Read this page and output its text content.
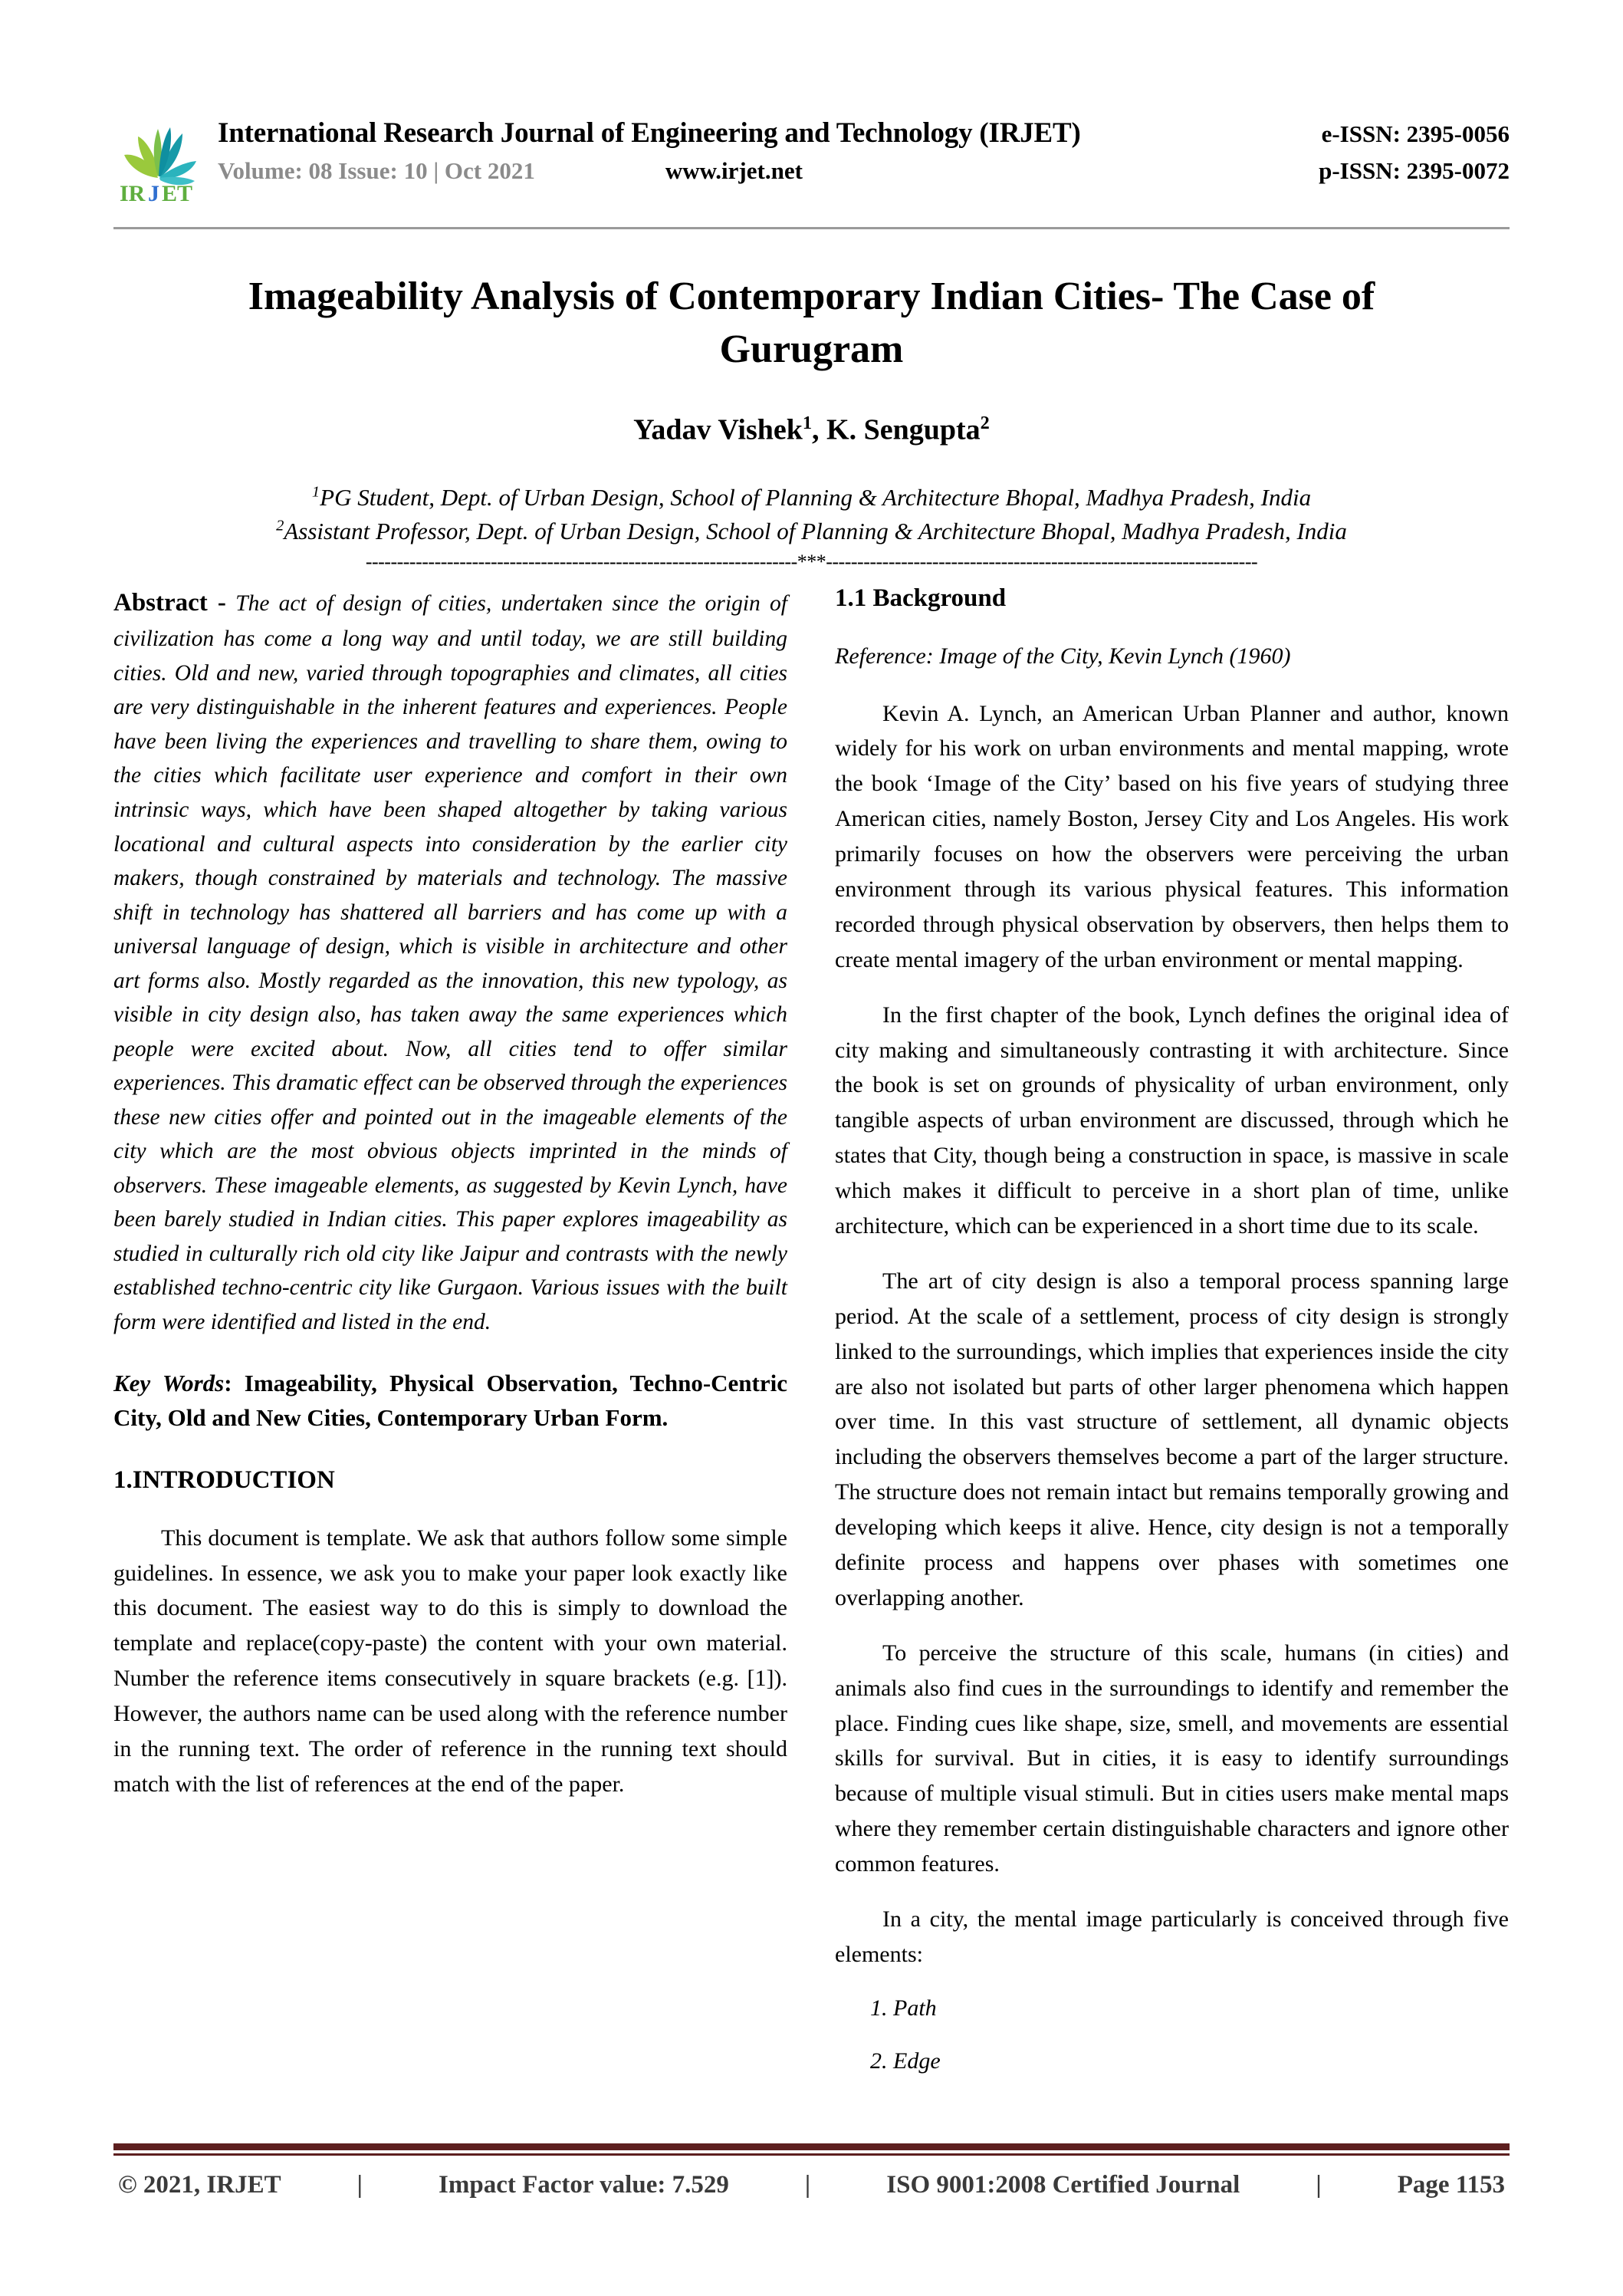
IR J ET
International Research Journal of Engineering and Technology (IRJET)	e-ISSN: 2395-0056
Volume: 08 Issue: 10 | Oct 2021	www.irjet.net	p-ISSN: 2395-0072
Imageability Analysis of Contemporary Indian Cities- The Case of Gurugram
Yadav Vishek$^1$, K. Sengupta$^2$
$^1$PG Student, Dept. of Urban Design, School of Planning & Architecture Bhopal, Madhya Pradesh, India
$^2$Assistant Professor, Dept. of Urban Design, School of Planning & Architecture Bhopal, Madhya Pradesh, India
---------------------------------------------------------------------***---------------------------------------------------------------------

Abstract - The act of design of cities, undertaken since the origin of civilization has come a long way and until today, we are still building cities. Old and new, varied through topographies and climates, all cities are very distinguishable in the inherent features and experiences. People have been living the experiences and travelling to share them, owing to the cities which facilitate user experience and comfort in their own intrinsic ways, which have been shaped altogether by taking various locational and cultural aspects into consideration by the earlier city makers, though constrained by materials and technology. The massive shift in technology has shattered all barriers and has come up with a universal language of design, which is visible in architecture and other art forms also. Mostly regarded as the innovation, this new typology, as visible in city design also, has taken away the same experiences which people were excited about. Now, all cities tend to offer similar experiences. This dramatic effect can be observed through the experiences these new cities offer and pointed out in the imageable elements of the city which are the most obvious objects imprinted in the minds of observers. These imageable elements, as suggested by Kevin Lynch, have been barely studied in Indian cities. This paper explores imageability as studied in culturally rich old city like Jaipur and contrasts with the newly established techno-centric city like Gurgaon. Various issues with the built form were identified and listed in the end.

Key Words: Imageability, Physical Observation, Techno-Centric City, Old and New Cities, Contemporary Urban Form.

1.INTRODUCTION

This document is template. We ask that authors follow some simple guidelines. In essence, we ask you to make your paper look exactly like this document. The easiest way to do this is simply to download the template and replace(copy-paste) the content with your own material. Number the reference items consecutively in square brackets (e.g. [1]). However, the authors name can be used along with the reference number in the running text. The order of reference in the running text should match with the list of references at the end of the paper.

1.1 Background

Reference: Image of the City, Kevin Lynch (1960)

Kevin A. Lynch, an American Urban Planner and author, known widely for his work on urban environments and mental mapping, wrote the book ‘Image of the City’ based on his five years of studying three American cities, namely Boston, Jersey City and Los Angeles. His work primarily focuses on how the observers were perceiving the urban environment through its various physical features. This information recorded through physical observation by observers, then helps them to create mental imagery of the urban environment or mental mapping.

In the first chapter of the book, Lynch defines the original idea of city making and simultaneously contrasting it with architecture. Since the book is set on grounds of physicality of urban environment, only tangible aspects of urban environment are discussed, through which he states that City, though being a construction in space, is massive in scale which makes it difficult to perceive in a short plan of time, unlike architecture, which can be experienced in a short time due to its scale.

The art of city design is also a temporal process spanning large period. At the scale of a settlement, process of city design is strongly linked to the surroundings, which implies that experiences inside the city are also not isolated but parts of other larger phenomena which happen over time. In this vast structure of settlement, all dynamic objects including the observers themselves become a part of the larger structure. The structure does not remain intact but remains temporally growing and developing which keeps it alive. Hence, city design is not a temporally definite process and happens over phases with sometimes one overlapping another.

To perceive the structure of this scale, humans (in cities) and animals also find cues in the surroundings to identify and remember the place. Finding cues like shape, size, smell, and movements are essential skills for survival. But in cities, it is easy to identify surroundings because of multiple visual stimuli. But in cities users make mental maps where they remember certain distinguishable characters and ignore other common features.

In a city, the mental image particularly is conceived through five elements:

1. Path
2. Edge
© 2021, IRJET	|	Impact Factor value: 7.529	|	ISO 9001:2008 Certified Journal	|	Page 1153
